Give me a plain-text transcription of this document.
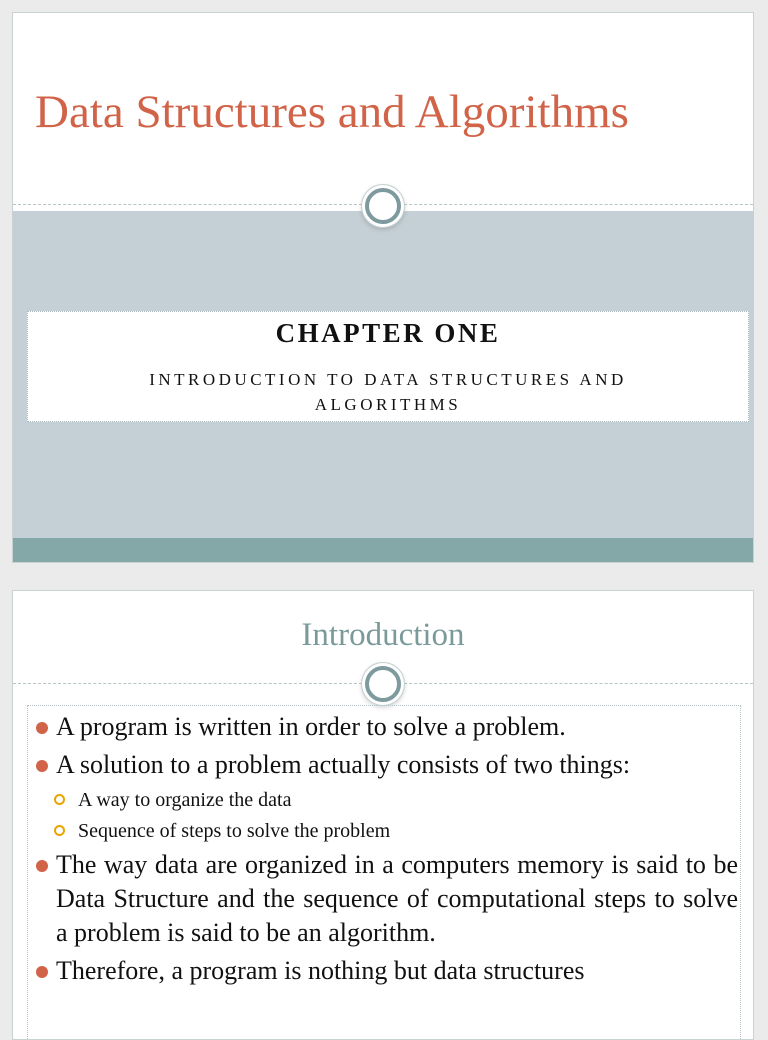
Data Structures and Algorithms
CHAPTER ONE
INTRODUCTION TO DATA STRUCTURES AND ALGORITHMS
Introduction
A program is written in order to solve a problem.
A solution to a problem actually consists of two things:
A way to organize the data
Sequence of steps to solve the problem
The way data are organized in a computers memory is said to be Data Structure and the sequence of computational steps to solve a problem is said to be an algorithm.
Therefore, a program is nothing but data structures
